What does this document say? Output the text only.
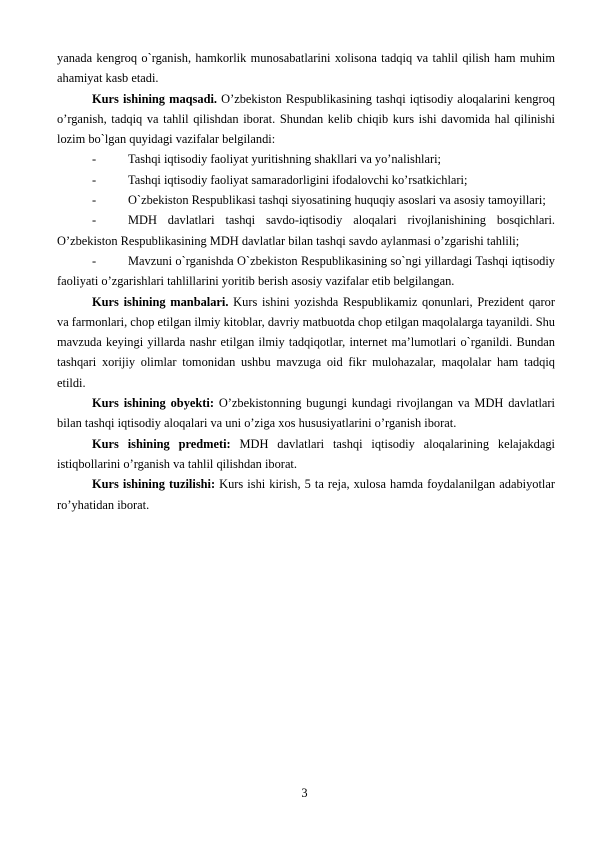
yanada kengroq o`rganish, hamkorlik munosabatlarini xolisona tadqiq va tahlil qilish ham muhim ahamiyat kasb etadi.

Kurs ishining maqsadi. O’zbekiston Respublikasining tashqi iqtisodiy aloqalarini kengroq o’rganish, tadqiq va tahlil qilishdan iborat. Shundan kelib chiqib kurs ishi davomida hal qilinishi lozim bo`lgan quyidagi vazifalar belgilandi:

-	Tashqi iqtisodiy faoliyat yuritishning shakllari va yo’nalishlari;

-	Tashqi iqtisodiy faoliyat samaradorligini ifodalovchi ko’rsatkichlari;

-	O`zbekiston Respublikasi tashqi siyosatining huquqiy asoslari va asosiy tamoyillari;

-	MDH davlatlari tashqi savdo-iqtisodiy aloqalari rivojlanishining bosqichlari. O’zbekiston Respublikasining MDH davlatlar bilan tashqi savdo aylanmasi o’zgarishi tahlili;

-	Mavzuni o`rganishda O`zbekiston Respublikasining so`ngi yillardagi Tashqi iqtisodiy faoliyati o’zgarishlari tahlillarini yoritib berish asosiy vazifalar etib belgilangan.

Kurs ishining manbalari. Kurs ishini yozishda Respublikamiz qonunlari, Prezident qaror va farmonlari, chop etilgan ilmiy kitoblar, davriy matbuotda chop etilgan maqolalarga tayanildi. Shu mavzuda keyingi yillarda nashr etilgan ilmiy tadqiqotlar, internet ma’lumotlari o`rganildi. Bundan tashqari xorijiy olimlar tomonidan ushbu mavzuga oid fikr mulohazalar, maqolalar ham tadqiq etildi.

Kurs ishining obyekti: O’zbekistonning bugungi kundagi rivojlangan va MDH davlatlari bilan tashqi iqtisodiy aloqalari va uni o’ziga xos hususiyatlarini o’rganish iborat.

Kurs ishining predmeti: MDH davlatlari tashqi iqtisodiy aloqalarining kelajakdagi istiqbollarini o’rganish va tahlil qilishdan iborat.

Kurs ishining tuzilishi: Kurs ishi kirish, 5 ta reja, xulosa hamda foydalanilgan adabiyotlar ro’yhatidan iborat.

3
